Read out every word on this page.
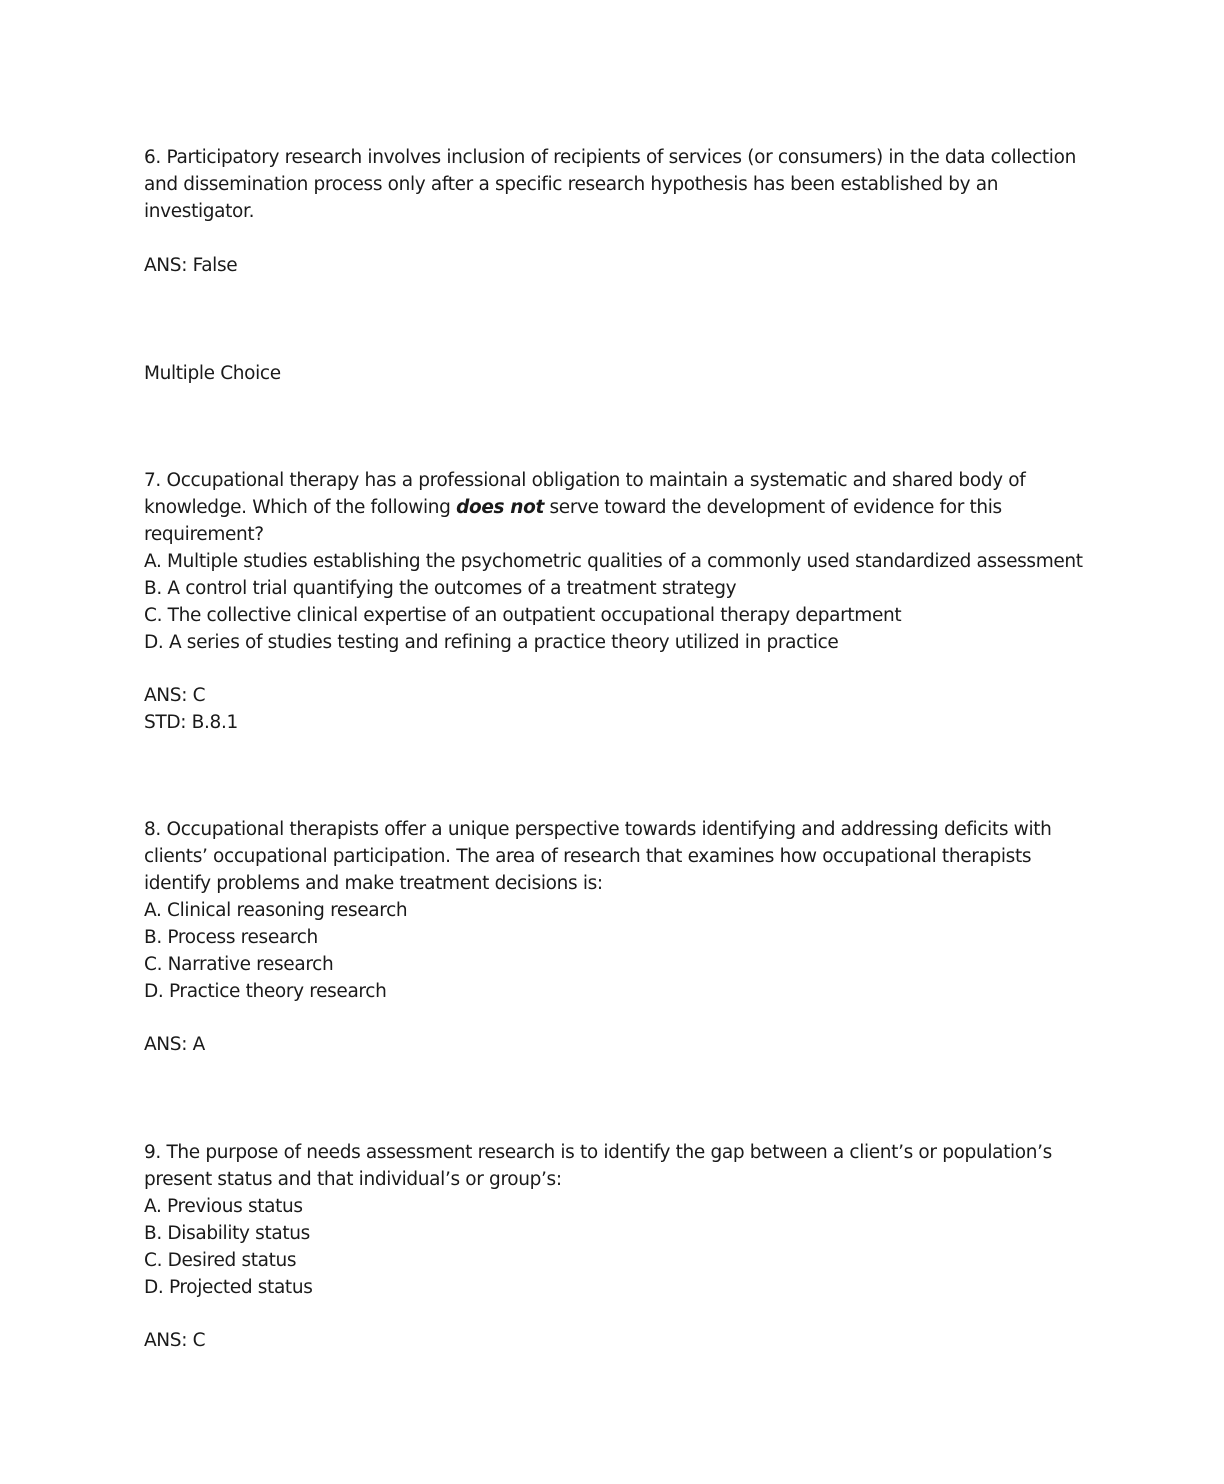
6. Participatory research involves inclusion of recipients of services (or consumers) in the data collection
and dissemination process only after a specific research hypothesis has been established by an
investigator.
ANS: False
Multiple Choice
7. Occupational therapy has a professional obligation to maintain a systematic and shared body of
knowledge. Which of the following does not serve toward the development of evidence for this
requirement?
A. Multiple studies establishing the psychometric qualities of a commonly used standardized assessment
B. A control trial quantifying the outcomes of a treatment strategy
C. The collective clinical expertise of an outpatient occupational therapy department
D. A series of studies testing and refining a practice theory utilized in practice
ANS: C
STD: B.8.1
8. Occupational therapists offer a unique perspective towards identifying and addressing deficits with
clients’ occupational participation. The area of research that examines how occupational therapists
identify problems and make treatment decisions is:
A. Clinical reasoning research
B. Process research
C. Narrative research
D. Practice theory research
ANS: A
9. The purpose of needs assessment research is to identify the gap between a client’s or population’s
present status and that individual’s or group’s:
A. Previous status
B. Disability status
C. Desired status
D. Projected status
ANS: C
